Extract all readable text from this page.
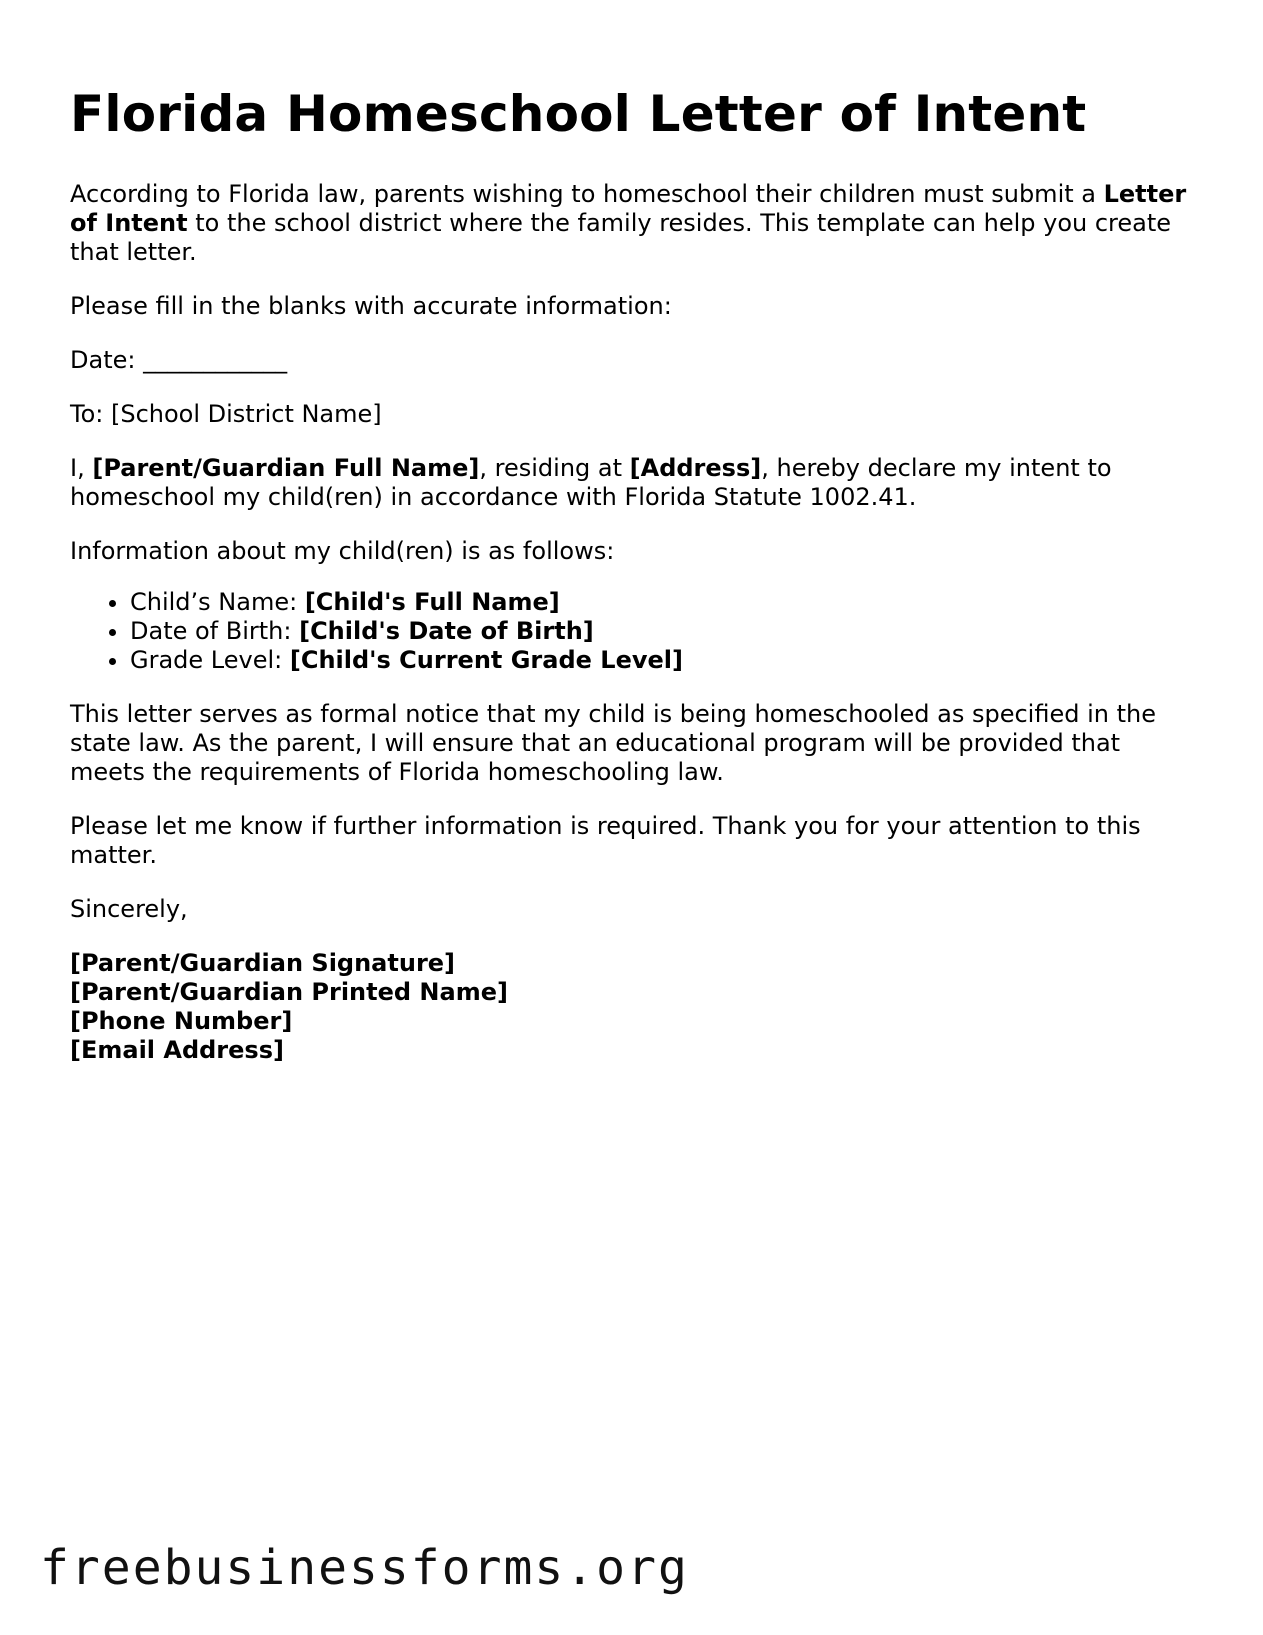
Florida Homeschool Letter of Intent

According to Florida law, parents wishing to homeschool their children must submit a Letter of Intent to the school district where the family resides. This template can help you create that letter.

Please fill in the blanks with accurate information:

Date: ____________

To: [School District Name]

I, [Parent/Guardian Full Name], residing at [Address], hereby declare my intent to homeschool my child(ren) in accordance with Florida Statute 1002.41.

Information about my child(ren) is as follows:

• Child’s Name: [Child's Full Name]
• Date of Birth: [Child's Date of Birth]
• Grade Level: [Child's Current Grade Level]

This letter serves as formal notice that my child is being homeschooled as specified in the state law. As the parent, I will ensure that an educational program will be provided that meets the requirements of Florida homeschooling law.

Please let me know if further information is required. Thank you for your attention to this matter.

Sincerely,

[Parent/Guardian Signature]
[Parent/Guardian Printed Name]
[Phone Number]
[Email Address]
freebusinessforms.org
